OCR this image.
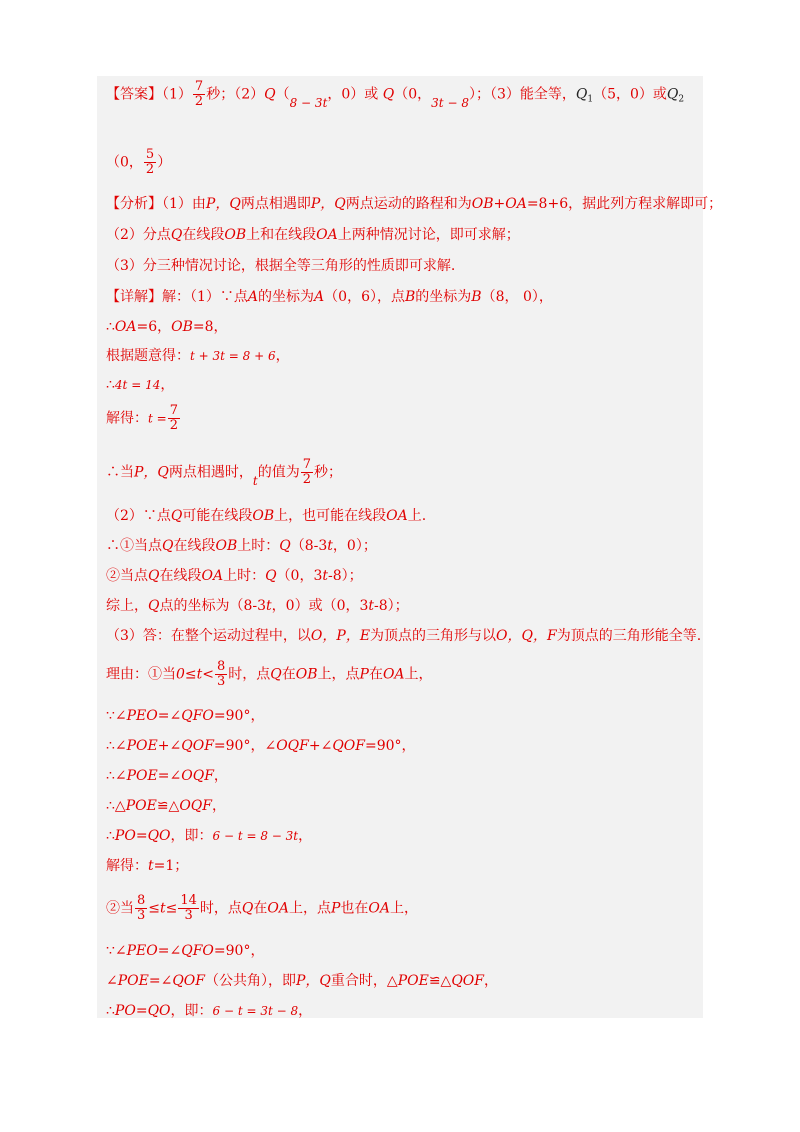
【答案】$(1) \frac{7}{2}$ 秒；（2）Q（8 − 3t，0）或 Q（0，3t − 8）；（3）能全等，$Q_1(5$，0）或$Q_2$
（0， $\frac{5}{2}$ ）
【分析】（1）由P，Q两点相遇即P，Q两点运动的路程和为OB+OA=8+6，据此列方程求解即可；
（2）分点Q在线段OB上和在线段OA上两种情况讨论，即可求解；
（3）分三种情况讨论，根据全等三角形的性质即可求解.
【详解】解：（1）∵点A的坐标为A（0，6），点B的坐标为B（8， 0），
∴OA=6，OB=8，
根据题意得：t + 3t = 8 + 6，
∴4t = 14，
解得：$t = \frac{7}{2}$
∴当P，Q两点相遇时，t的值为 $\frac{7}{2}$ 秒；
（2）∵点Q可能在线段OB上，也可能在线段OA上.
∴①当点Q在线段OB上时：Q（8-3t，0）；
②当点Q在线段OA上时：Q（0，3t-8）；
综上，Q点的坐标为（8-3t，0）或（0，3t-8）；
（3）答：在整个运动过程中，以O，P，E为顶点的三角形与以O，Q，F为顶点的三角形能全等.
理由：①当$0\le t< \frac{8}{3}$ 时，点Q在OB上，点P在OA上，
∵∠PEO=∠QFO=90°，
∴∠POE+∠QOF=90°，∠OQF+∠QOF=90°，
∴∠POE=∠OQF，
∴△POE≌△OQF，
∴PO=QO，即：6 − t = 8 − 3t，
解得：t=1；
②当 $\frac{8}{3} \le t\le \frac{14}{3}$ 时，点Q在OA上，点P也在OA上，
∵∠PEO=∠QFO=90°，
∠POE=∠QOF（公共角），即P，Q重合时，△POE≌△QOF，
∴PO=QO，即：6 − t = 3t − 8，
